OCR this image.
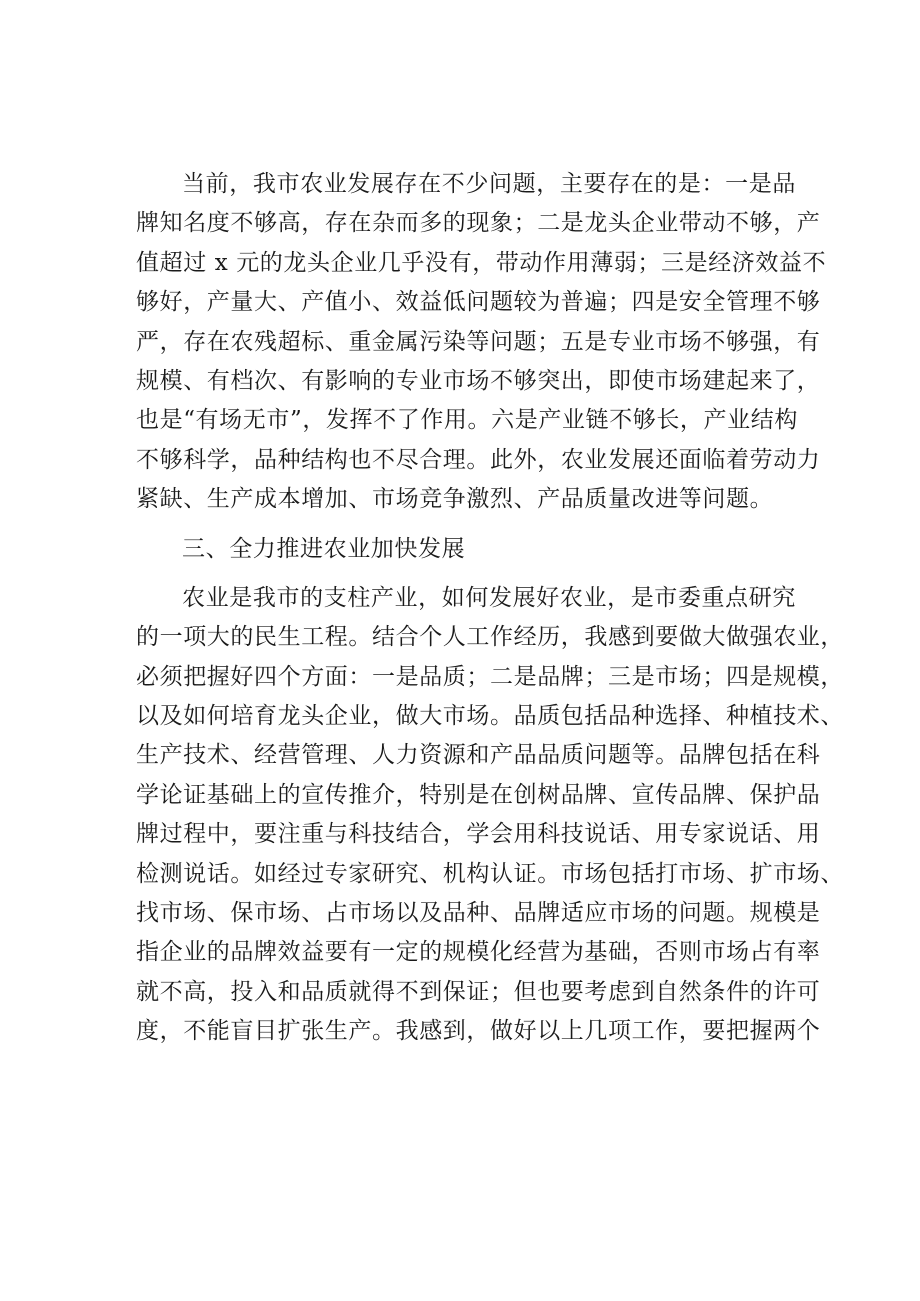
当前，我市农业发展存在不少问题，主要存在的是：一是品
牌知名度不够高，存在杂而多的现象；二是龙头企业带动不够，产
值超过 x 元的龙头企业几乎没有，带动作用薄弱；三是经济效益不
够好，产量大、产值小、效益低问题较为普遍；四是安全管理不够
严，存在农残超标、重金属污染等问题；五是专业市场不够强，有
规模、有档次、有影响的专业市场不够突出，即使市场建起来了，
也是“有场无市”，发挥不了作用。六是产业链不够长，产业结构
不够科学，品种结构也不尽合理。此外，农业发展还面临着劳动力
紧缺、生产成本增加、市场竞争激烈、产品质量改进等问题。
三、全力推进农业加快发展
农业是我市的支柱产业，如何发展好农业，是市委重点研究
的一项大的民生工程。结合个人工作经历，我感到要做大做强农业，
必须把握好四个方面：一是品质；二是品牌；三是市场；四是规模，
以及如何培育龙头企业，做大市场。品质包括品种选择、种植技术、
生产技术、经营管理、人力资源和产品品质问题等。品牌包括在科
学论证基础上的宣传推介，特别是在创树品牌、宣传品牌、保护品
牌过程中，要注重与科技结合，学会用科技说话、用专家说话、用
检测说话。如经过专家研究、机构认证。市场包括打市场、扩市场、
找市场、保市场、占市场以及品种、品牌适应市场的问题。规模是
指企业的品牌效益要有一定的规模化经营为基础，否则市场占有率
就不高，投入和品质就得不到保证；但也要考虑到自然条件的许可
度，不能盲目扩张生产。我感到，做好以上几项工作，要把握两个
